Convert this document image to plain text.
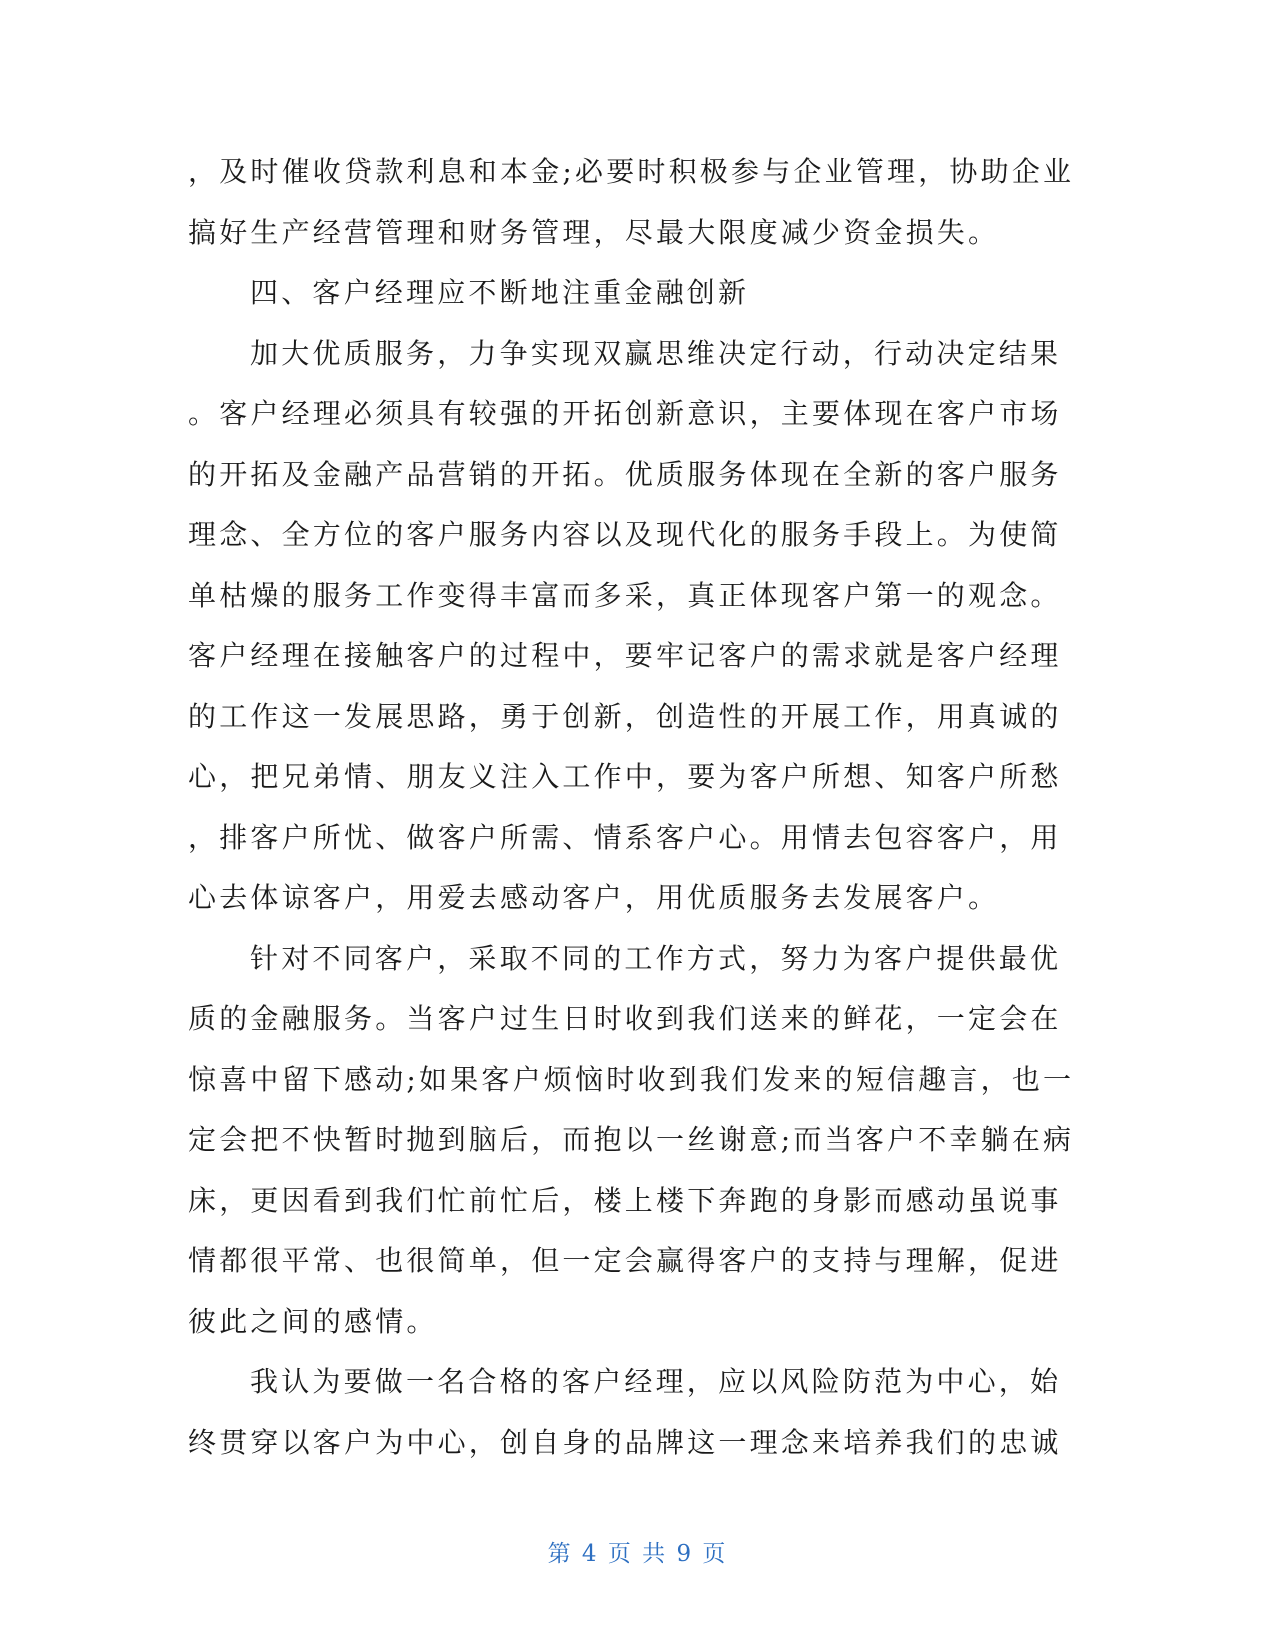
，及时催收贷款利息和本金;必要时积极参与企业管理，协助企业
搞好生产经营管理和财务管理，尽最大限度减少资金损失。
四、客户经理应不断地注重金融创新
加大优质服务，力争实现双赢思维决定行动，行动决定结果
。客户经理必须具有较强的开拓创新意识，主要体现在客户市场
的开拓及金融产品营销的开拓。优质服务体现在全新的客户服务
理念、全方位的客户服务内容以及现代化的服务手段上。为使简
单枯燥的服务工作变得丰富而多采，真正体现客户第一的观念。
客户经理在接触客户的过程中，要牢记客户的需求就是客户经理
的工作这一发展思路，勇于创新，创造性的开展工作，用真诚的
心，把兄弟情、朋友义注入工作中，要为客户所想、知客户所愁
，排客户所忧、做客户所需、情系客户心。用情去包容客户，用
心去体谅客户，用爱去感动客户，用优质服务去发展客户。
针对不同客户，采取不同的工作方式，努力为客户提供最优
质的金融服务。当客户过生日时收到我们送来的鲜花，一定会在
惊喜中留下感动;如果客户烦恼时收到我们发来的短信趣言，也一
定会把不快暂时抛到脑后，而抱以一丝谢意;而当客户不幸躺在病
床，更因看到我们忙前忙后，楼上楼下奔跑的身影而感动虽说事
情都很平常、也很简单，但一定会赢得客户的支持与理解，促进
彼此之间的感情。
我认为要做一名合格的客户经理，应以风险防范为中心，始
终贯穿以客户为中心，创自身的品牌这一理念来培养我们的忠诚
第 4 页 共 9 页
